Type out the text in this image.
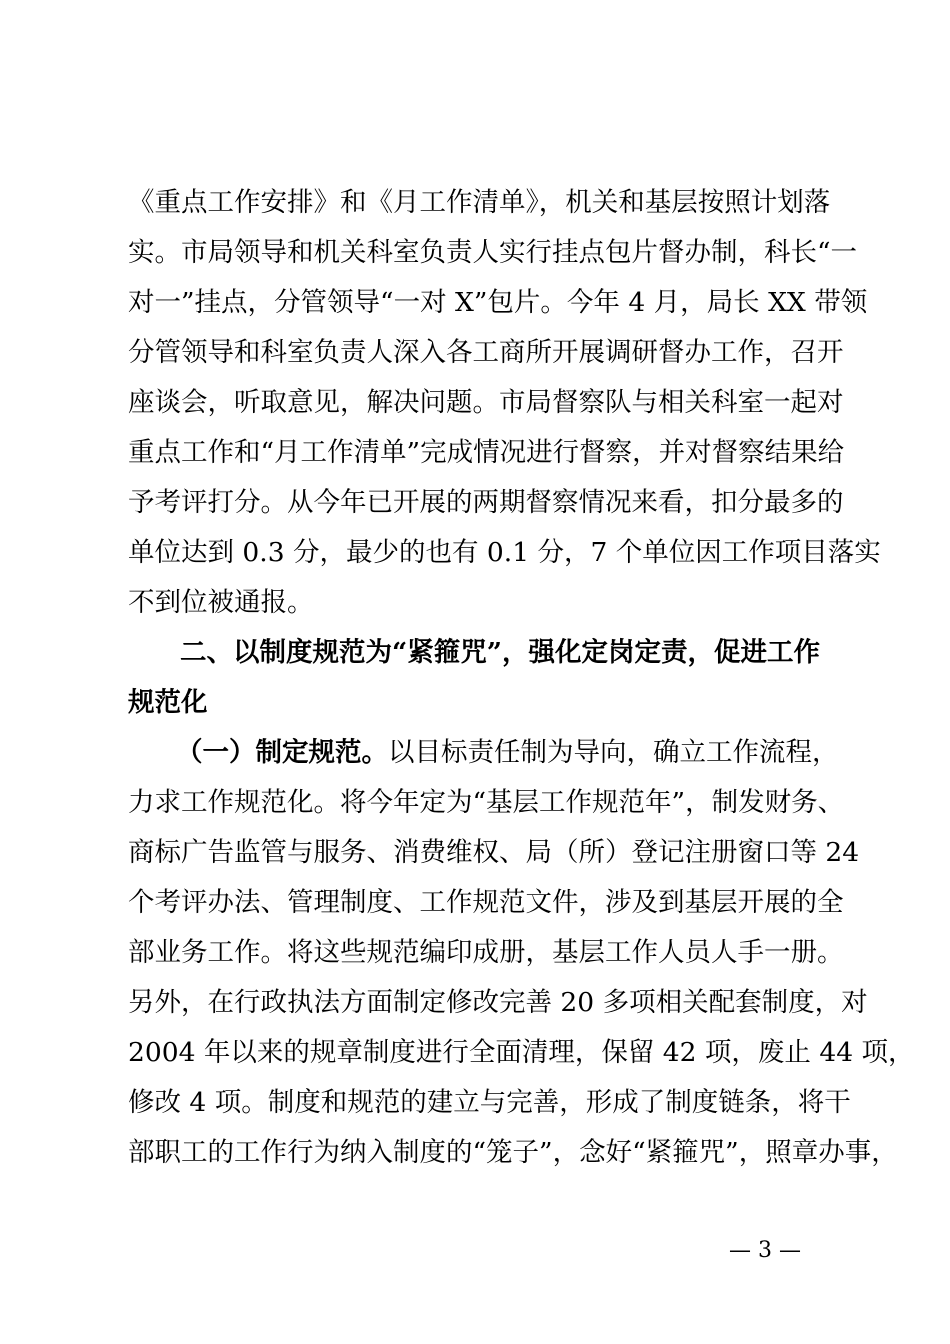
《重点工作安排》和《月工作清单》，机关和基层按照计划落
实。市局领导和机关科室负责人实行挂点包片督办制，科长“一
对一”挂点，分管领导“一对 X”包片。今年 4 月，局长 XX 带领
分管领导和科室负责人深入各工商所开展调研督办工作，召开
座谈会，听取意见，解决问题。市局督察队与相关科室一起对
重点工作和“月工作清单”完成情况进行督察，并对督察结果给
予考评打分。从今年已开展的两期督察情况来看，扣分最多的
单位达到 0.3 分，最少的也有 0.1 分，7 个单位因工作项目落实
不到位被通报。
二、以制度规范为“紧箍咒”，强化定岗定责，促进工作
规范化
（一）制定规范。以目标责任制为导向，确立工作流程，
力求工作规范化。将今年定为“基层工作规范年”，制发财务、
商标广告监管与服务、消费维权、局（所）登记注册窗口等 24
个考评办法、管理制度、工作规范文件，涉及到基层开展的全
部业务工作。将这些规范编印成册，基层工作人员人手一册。
另外，在行政执法方面制定修改完善 20 多项相关配套制度，对
2004 年以来的规章制度进行全面清理，保留 42 项，废止 44 项，
修改 4 项。制度和规范的建立与完善，形成了制度链条，将干
部职工的工作行为纳入制度的“笼子”，念好“紧箍咒”，照章办事，
— 3 —
